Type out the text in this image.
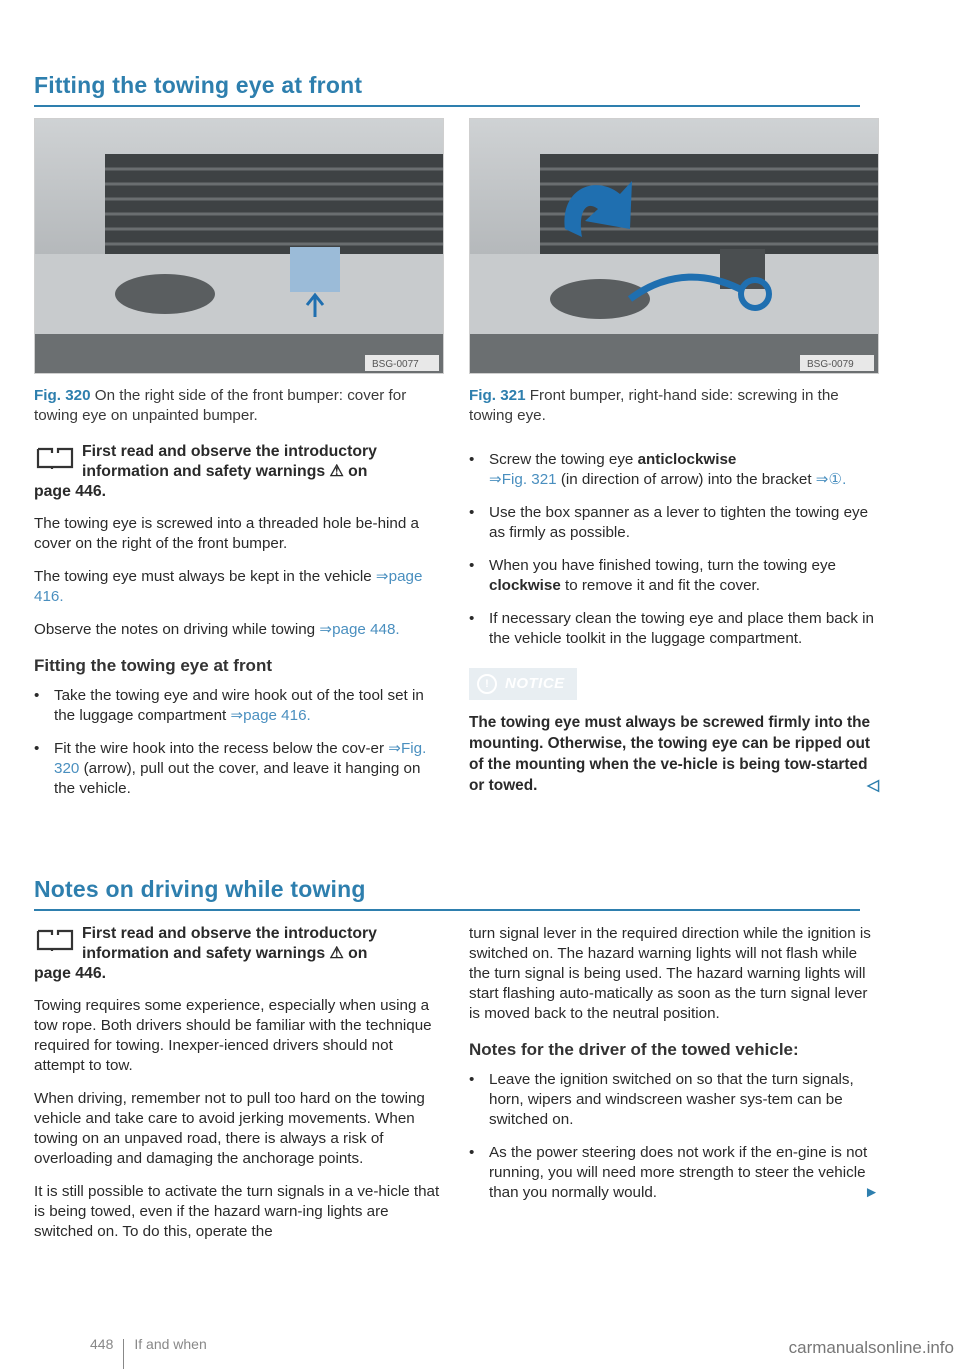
Fitting the towing eye at front
BSG-0077
Fig. 320 On the right side of the front bumper: cover for towing eye on unpainted bumper.
BSG-0079
Fig. 321 Front bumper, right-hand side: screwing in the towing eye.
First read and observe the introductory
information and safety warnings ⚠ on
page 446.

The towing eye is screwed into a threaded hole be-hind a cover on the right of the front bumper.

The towing eye must always be kept in the vehicle ⇒page 416.

Observe the notes on driving while towing ⇒page 448.

Fitting the towing eye at front
• Take the towing eye and wire hook out of the tool set in the luggage compartment ⇒page 416.
• Fit the wire hook into the recess below the cov-er ⇒Fig. 320 (arrow), pull out the cover, and leave it hanging on the vehicle.
• Screw the towing eye anticlockwise
⇒Fig. 321 (in direction of arrow) into the bracket ⇒①.
• Use the box spanner as a lever to tighten the towing eye as firmly as possible.
• When you have finished towing, turn the towing eye clockwise to remove it and fit the cover.
• If necessary clean the towing eye and place them back in the vehicle toolkit in the luggage compartment.
!	NOTICE
The towing eye must always be screwed firmly into the mounting. Otherwise, the towing eye can be ripped out of the mounting when the ve-hicle is being tow-started or towed.	◁
Notes on driving while towing
First read and observe the introductory
information and safety warnings ⚠ on
page 446.

Towing requires some experience, especially when using a tow rope. Both drivers should be familiar with the technique required for towing. Inexper-ienced drivers should not attempt to tow.

When driving, remember not to pull too hard on the towing vehicle and take care to avoid jerking movements. When towing on an unpaved road, there is always a risk of overloading and damaging the anchorage points.

It is still possible to activate the turn signals in a ve-hicle that is being towed, even if the hazard warn-ing lights are switched on. To do this, operate the

turn signal lever in the required direction while the ignition is switched on. The hazard warning lights will not flash while the turn signal is being used. The hazard warning lights will start flashing auto-matically as soon as the turn signal lever is moved back to the neutral position.

Notes for the driver of the towed vehicle:
• Leave the ignition switched on so that the turn signals, horn, wipers and windscreen washer sys-tem can be switched on.
• As the power steering does not work if the en-gine is not running, you will need more strength to steer the vehicle than you normally would.	►
448 If and when	carmanualsonline.info
